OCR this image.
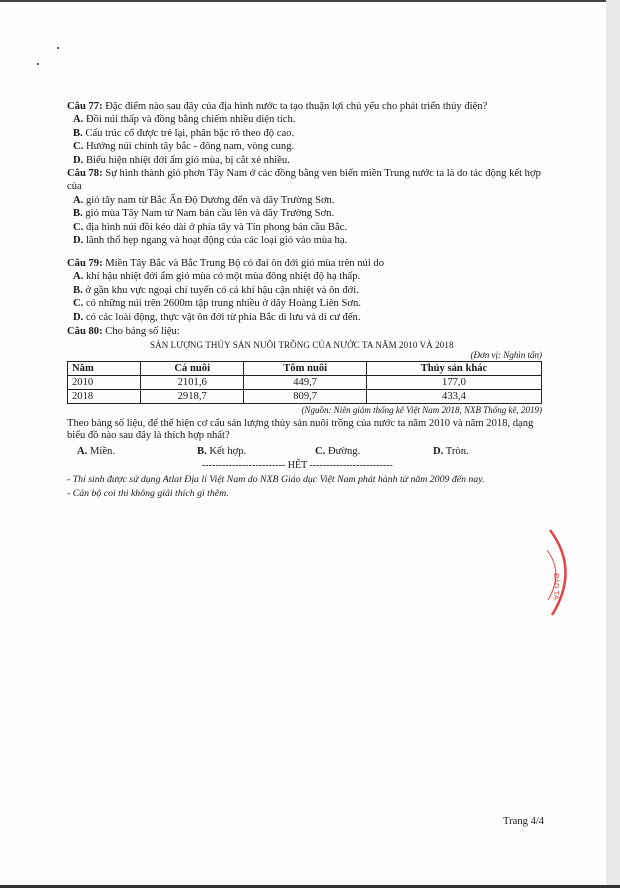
Câu 77: Đặc điểm nào sau đây của địa hình nước ta tạo thuận lợi chủ yếu cho phát triển thủy điện?
A. Đồi núi thấp và đồng bằng chiếm nhiều diện tích.
B. Cấu trúc cổ được trẻ lại, phân bậc rõ theo độ cao.
C. Hướng núi chính tây bắc - đông nam, vòng cung.
D. Biểu hiện nhiệt đới ẩm gió mùa, bị cắt xẻ nhiều.
Câu 78: Sự hình thành gió phơn Tây Nam ở các đồng bằng ven biển miền Trung nước ta là do tác động kết hợp của
A. gió tây nam từ Bắc Ấn Độ Dương đến và dãy Trường Sơn.
B. gió mùa Tây Nam từ Nam bán cầu lên và dãy Trường Sơn.
C. địa hình núi đồi kéo dài ở phía tây và Tín phong bán cầu Bắc.
D. lãnh thổ hẹp ngang và hoạt động của các loại gió vào mùa hạ.
Câu 79: Miền Tây Bắc và Bắc Trung Bộ có đai ôn đới gió mùa trên núi do
A. khí hậu nhiệt đới ẩm gió mùa có một mùa đông nhiệt độ hạ thấp.
B. ở gần khu vực ngoại chí tuyến có cả khí hậu cận nhiệt và ôn đới.
C. có những núi trên 2600m tập trung nhiều ở dãy Hoàng Liên Sơn.
D. có các loài động, thực vật ôn đới từ phía Bắc di lưu và di cư đến.
Câu 80: Cho bảng số liệu:
SẢN LƯỢNG THỦY SẢN NUÔI TRỒNG CỦA NƯỚC TA NĂM 2010 VÀ 2018
(Đơn vị: Nghìn tấn)
Năm	Cá nuôi	Tôm nuôi	Thủy sản khác
2010	2101,6	449,7	177,0
2018	2918,7	809,7	433,4
(Nguồn: Niên giám thống kê Việt Nam 2018, NXB Thống kê, 2019)
Theo bảng số liệu, để thể hiện cơ cấu sản lượng thủy sản nuôi trồng của nước ta năm 2010 và năm 2018, dạng biểu đồ nào sau đây là thích hợp nhất?
A. Miền.	B. Kết hợp.	C. Đường.	D. Tròn.
------------------------- HẾT -------------------------
- Thí sinh được sử dụng Atlat Địa lí Việt Nam do NXB Giáo dục Việt Nam phát hành từ năm 2009 đến nay.
- Cán bộ coi thi không giải thích gì thêm.
ĐÀO TẠ
Trang 4/4
